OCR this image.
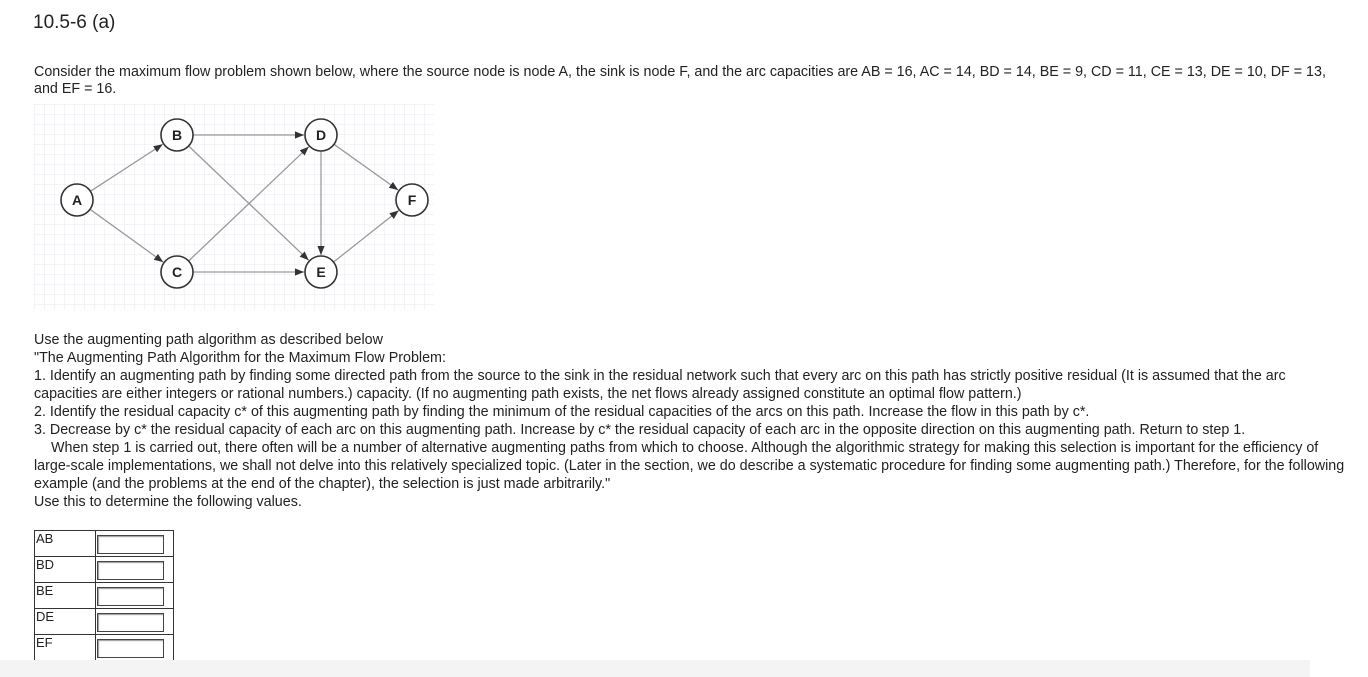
10.5-6 (a)
Consider the maximum flow problem shown below, where the source node is node A, the sink is node F, and the arc capacities are AB = 16, AC = 14, BD = 14, BE = 9, CD = 11, CE = 13, DE = 10, DF = 13, and EF = 16.
A
B
C
D
E
F
Use the augmenting path algorithm as described below
"The Augmenting Path Algorithm for the Maximum Flow Problem:
1. Identify an augmenting path by finding some directed path from the source to the sink in the residual network such that every arc on this path has strictly positive residual (It is assumed that the arc capacities are either integers or rational numbers.) capacity. (If no augmenting path exists, the net flows already assigned constitute an optimal flow pattern.)
2. Identify the residual capacity c* of this augmenting path by finding the minimum of the residual capacities of the arcs on this path. Increase the flow in this path by c*.
3. Decrease by c* the residual capacity of each arc on this augmenting path. Increase by c* the residual capacity of each arc in the opposite direction on this augmenting path. Return to step 1.
When step 1 is carried out, there often will be a number of alternative augmenting paths from which to choose. Although the algorithmic strategy for making this selection is important for the efficiency of large-scale implementations, we shall not delve into this relatively specialized topic. (Later in the section, we do describe a systematic procedure for finding some augmenting path.) Therefore, for the following example (and the problems at the end of the chapter), the selection is just made arbitrarily."
Use this to determine the following values.
AB	
BD	
BE	
DE	
EF	
